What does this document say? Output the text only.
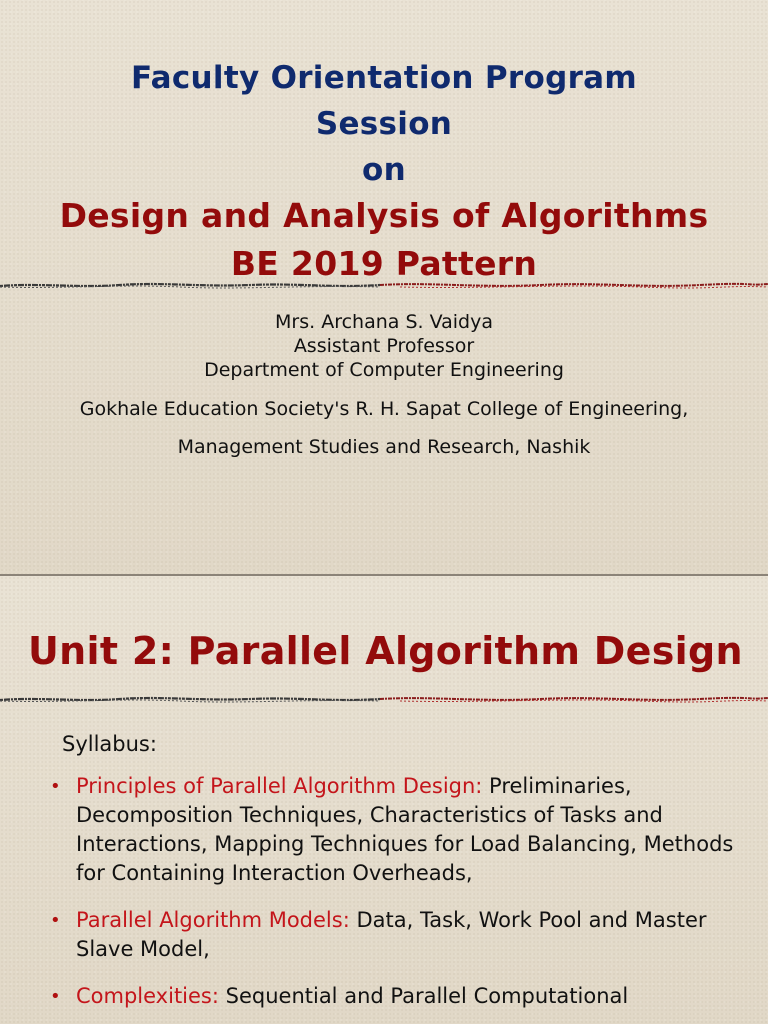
Faculty Orientation Program

Session

on

Design and Analysis of Algorithms

BE 2019 Pattern

Mrs. Archana S. Vaidya

Assistant Professor

Department of Computer Engineering

Gokhale Education Society's R. H. Sapat College of Engineering,

Management Studies and Research, Nashik

Unit 2: Parallel Algorithm Design

Syllabus:

• Principles of Parallel Algorithm Design: Preliminaries, Decomposition Techniques, Characteristics of Tasks and Interactions, Mapping Techniques for Load Balancing, Methods for Containing Interaction Overheads,
• Parallel Algorithm Models: Data, Task, Work Pool and Master Slave Model,
• Complexities: Sequential and Parallel Computational
